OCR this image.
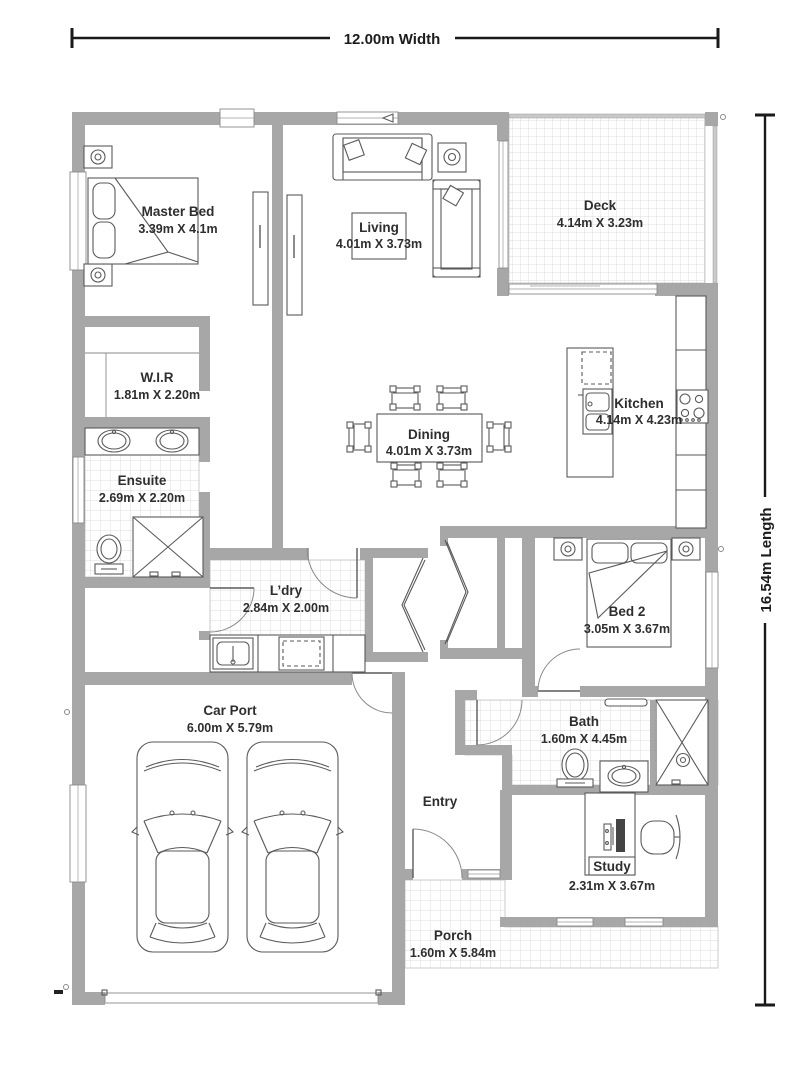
12.00m Width
16.54m Length
Master Bed
3.39m X 4.1m	Living
4.01m X 3.73m
Deck
4.14m X 3.23m
W.I.R
1.81m X 2.20m
Ensuite
2.69m X 2.20m
Dining
4.01m X 3.73m
Kitchen
4.14m X 4.23m
L’dry
2.84m X 2.00m	Bed 2
3.05m X 3.67m
Car Port
6.00m X 5.79m	Bath
1.60m X 4.45m
Entry
Study
2.31m X 3.67m
Porch
1.60m X 5.84m
